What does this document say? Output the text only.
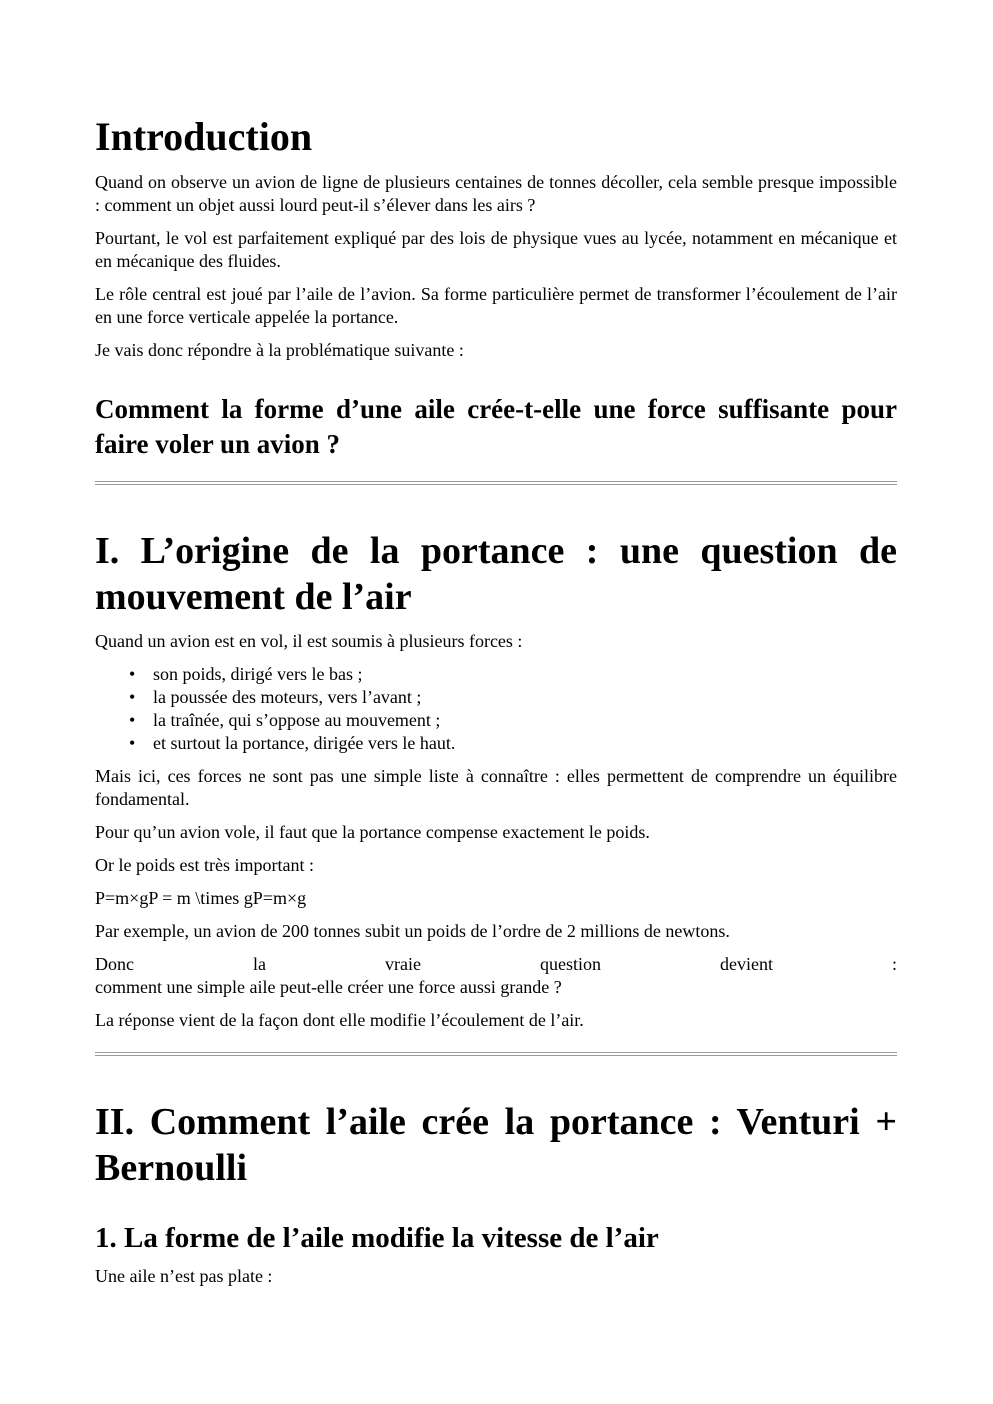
Introduction

Quand on observe un avion de ligne de plusieurs centaines de tonnes décoller, cela semble presque impossible : comment un objet aussi lourd peut-il s’élever dans les airs ?

Pourtant, le vol est parfaitement expliqué par des lois de physique vues au lycée, notamment en mécanique et en mécanique des fluides.

Le rôle central est joué par l’aile de l’avion. Sa forme particulière permet de transformer l’écoulement de l’air en une force verticale appelée la portance.

Je vais donc répondre à la problématique suivante :

Comment la forme d’une aile crée-t-elle une force suffisante pour faire voler un avion ?
I. L’origine de la portance : une question de mouvement de l’air

Quand un avion est en vol, il est soumis à plusieurs forces :

• son poids, dirigé vers le bas ;
• la poussée des moteurs, vers l’avant ;
• la traînée, qui s’oppose au mouvement ;
• et surtout la portance, dirigée vers le haut.

Mais ici, ces forces ne sont pas une simple liste à connaître : elles permettent de comprendre un équilibre fondamental.

Pour qu’un avion vole, il faut que la portance compense exactement le poids.

Or le poids est très important :

P=m×gP = m \times gP=m×g

Par exemple, un avion de 200 tonnes subit un poids de l’ordre de 2 millions de newtons.

Donc	la	vraie	question	devient	:

comment une simple aile peut-elle créer une force aussi grande ?

La réponse vient de la façon dont elle modifie l’écoulement de l’air.

II. Comment l’aile crée la portance : Venturi + Bernoulli
1. La forme de l’aile modifie la vitesse de l’air

Une aile n’est pas plate :
